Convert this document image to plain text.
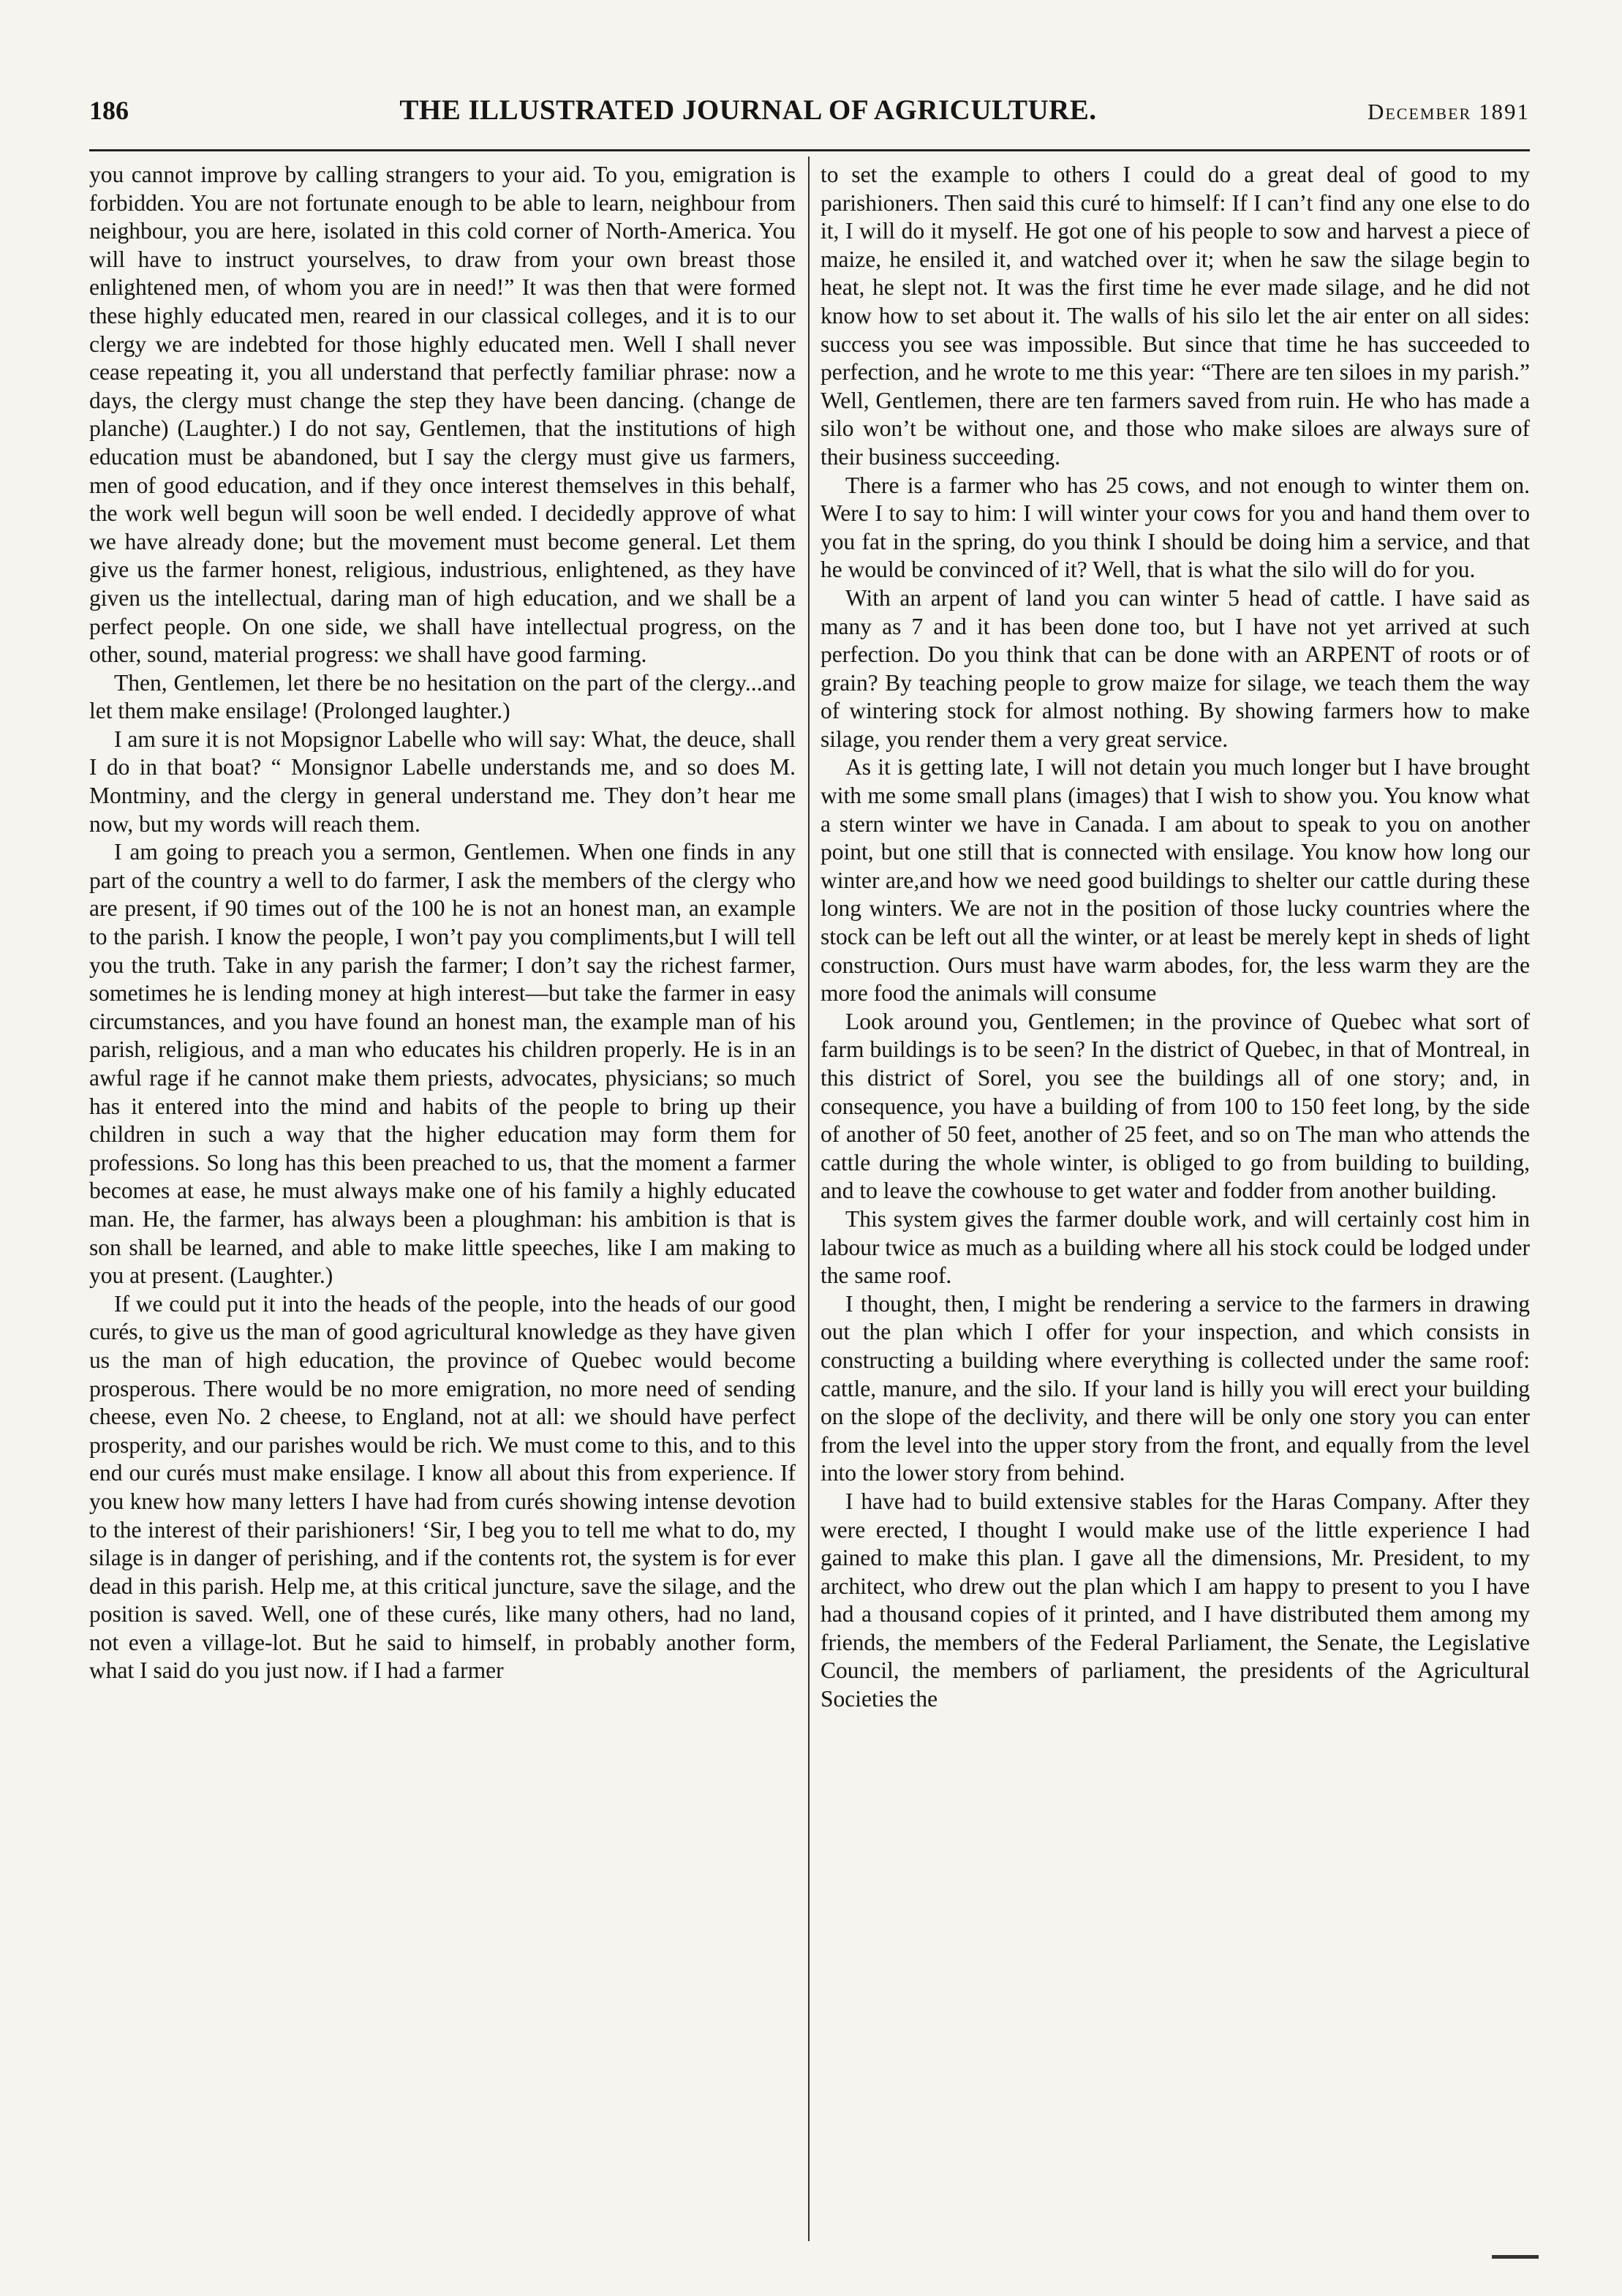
186	THE ILLUSTRATED JOURNAL OF AGRICULTURE.	December 1891

you cannot improve by calling strangers to your aid. To you, emigration is forbidden. You are not fortunate enough to be able to learn, neighbour from neighbour, you are here, isolated in this cold corner of North-America. You will have to instruct yourselves, to draw from your own breast those enlightened men, of whom you are in need!” It was then that were formed these highly educated men, reared in our classical colleges, and it is to our clergy we are indebted for those highly educated men. Well I shall never cease repeating it, you all understand that perfectly familiar phrase: now a days, the clergy must change the step they have been dancing. (change de planche) (Laughter.) I do not say, Gentlemen, that the institutions of high education must be abandoned, but I say the clergy must give us farmers, men of good education, and if they once interest themselves in this behalf, the work well begun will soon be well ended. I decidedly approve of what we have already done; but the movement must become general. Let them give us the farmer honest, religious, industrious, enlightened, as they have given us the intellectual, daring man of high education, and we shall be a perfect people. On one side, we shall have intellectual progress, on the other, sound, material progress: we shall have good farming.

Then, Gentlemen, let there be no hesitation on the part of the clergy...and let them make ensilage! (Prolonged laughter.)

I am sure it is not Mopsignor Labelle who will say: What, the deuce, shall I do in that boat? “ Monsignor Labelle understands me, and so does M. Montminy, and the clergy in general understand me. They don’t hear me now, but my words will reach them.

I am going to preach you a sermon, Gentlemen. When one finds in any part of the country a well to do farmer, I ask the members of the clergy who are present, if 90 times out of the 100 he is not an honest man, an example to the parish. I know the people, I won’t pay you compliments,but I will tell you the truth. Take in any parish the farmer; I don’t say the richest farmer, sometimes he is lending money at high interest—but take the farmer in easy circumstances, and you have found an honest man, the example man of his parish, religious, and a man who educates his children properly. He is in an awful rage if he cannot make them priests, advocates, physicians; so much has it entered into the mind and habits of the people to bring up their children in such a way that the higher education may form them for professions. So long has this been preached to us, that the moment a farmer becomes at ease, he must always make one of his family a highly educated man. He, the farmer, has always been a ploughman: his ambition is that is son shall be learned, and able to make little speeches, like I am making to you at present. (Laughter.)

If we could put it into the heads of the people, into the heads of our good curés, to give us the man of good agricultural knowledge as they have given us the man of high education, the province of Quebec would become prosperous. There would be no more emigration, no more need of sending cheese, even No. 2 cheese, to England, not at all: we should have perfect prosperity, and our parishes would be rich. We must come to this, and to this end our curés must make ensilage. I know all about this from experience. If you knew how many letters I have had from curés showing intense devotion to the interest of their parishioners! ‘Sir, I beg you to tell me what to do, my silage is in danger of perishing, and if the contents rot, the system is for ever dead in this parish. Help me, at this critical juncture, save the silage, and the position is saved. Well, one of these curés, like many others, had no land, not even a village-lot. But he said to himself, in probably another form, what I said do you just now. if I had a farmer

to set the example to others I could do a great deal of good to my parishioners. Then said this curé to himself: If I can’t find any one else to do it, I will do it myself. He got one of his people to sow and harvest a piece of maize, he ensiled it, and watched over it; when he saw the silage begin to heat, he slept not. It was the first time he ever made silage, and he did not know how to set about it. The walls of his silo let the air enter on all sides: success you see was impossible. But since that time he has succeeded to perfection, and he wrote to me this year: “There are ten siloes in my parish.” Well, Gentlemen, there are ten farmers saved from ruin. He who has made a silo won’t be without one, and those who make siloes are always sure of their business succeeding.

There is a farmer who has 25 cows, and not enough to winter them on. Were I to say to him: I will winter your cows for you and hand them over to you fat in the spring, do you think I should be doing him a service, and that he would be convinced of it? Well, that is what the silo will do for you.

With an arpent of land you can winter 5 head of cattle. I have said as many as 7 and it has been done too, but I have not yet arrived at such perfection. Do you think that can be done with an ARPENT of roots or of grain? By teaching people to grow maize for silage, we teach them the way of wintering stock for almost nothing. By showing farmers how to make silage, you render them a very great service.

As it is getting late, I will not detain you much longer but I have brought with me some small plans (images) that I wish to show you. You know what a stern winter we have in Canada. I am about to speak to you on another point, but one still that is connected with ensilage. You know how long our winter are,and how we need good buildings to shelter our cattle during these long winters. We are not in the position of those lucky countries where the stock can be left out all the winter, or at least be merely kept in sheds of light construction. Ours must have warm abodes, for, the less warm they are the more food the animals will consume

Look around you, Gentlemen; in the province of Quebec what sort of farm buildings is to be seen? In the district of Quebec, in that of Montreal, in this district of Sorel, you see the buildings all of one story; and, in consequence, you have a building of from 100 to 150 feet long, by the side of another of 50 feet, another of 25 feet, and so on The man who attends the cattle during the whole winter, is obliged to go from building to building, and to leave the cowhouse to get water and fodder from another building.

This system gives the farmer double work, and will certainly cost him in labour twice as much as a building where all his stock could be lodged under the same roof.

I thought, then, I might be rendering a service to the farmers in drawing out the plan which I offer for your inspection, and which consists in constructing a building where everything is collected under the same roof: cattle, manure, and the silo. If your land is hilly you will erect your building on the slope of the declivity, and there will be only one story you can enter from the level into the upper story from the front, and equally from the level into the lower story from behind.

I have had to build extensive stables for the Haras Company. After they were erected, I thought I would make use of the little experience I had gained to make this plan. I gave all the dimensions, Mr. President, to my architect, who drew out the plan which I am happy to present to you I have had a thousand copies of it printed, and I have distributed them among my friends, the members of the Federal Parliament, the Senate, the Legislative Council, the members of parliament, the presidents of the Agricultural Societies the
